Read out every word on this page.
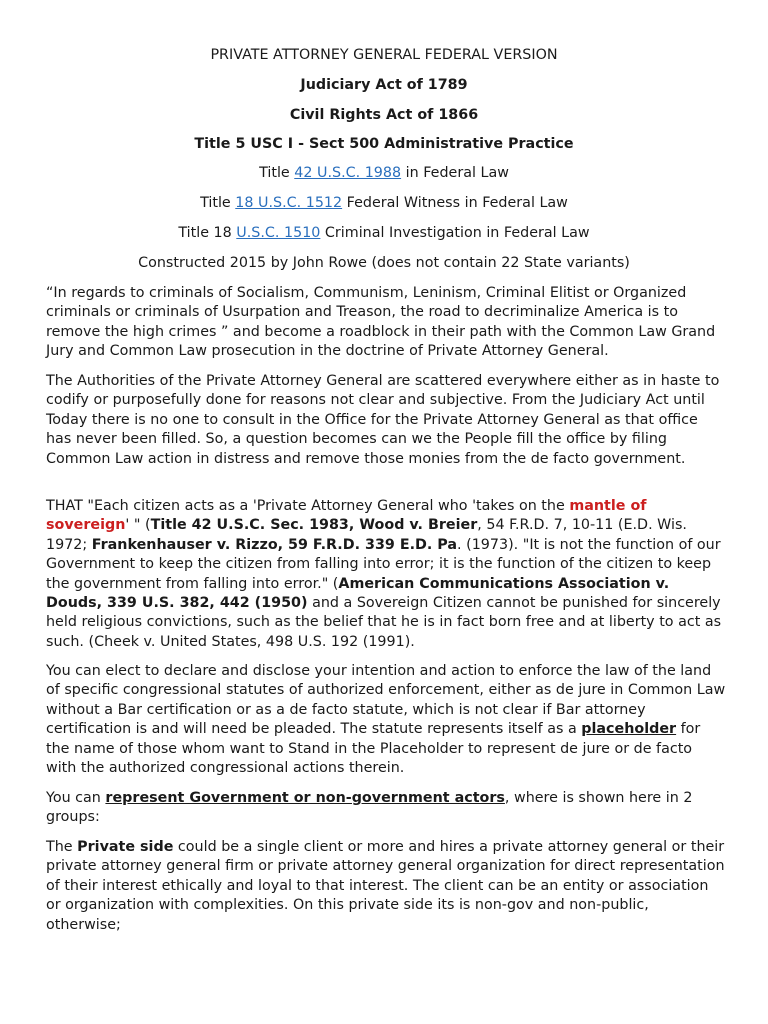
PRIVATE ATTORNEY GENERAL FEDERAL VERSION
Judiciary Act of 1789
Civil Rights Act of 1866
Title 5 USC I - Sect 500 Administrative Practice
Title 42 U.S.C. 1988 in Federal Law
Title 18 U.S.C. 1512 Federal Witness in Federal Law
Title 18 U.S.C. 1510 Criminal Investigation in Federal Law
Constructed 2015 by John Rowe (does not contain 22 State variants)

“In regards to criminals of Socialism, Communism, Leninism, Criminal Elitist or Organized criminals or criminals of Usurpation and Treason, the road to decriminalize America is to remove the high crimes ” and become a roadblock in their path with the Common Law Grand Jury and Common Law prosecution in the doctrine of Private Attorney General.

The Authorities of the Private Attorney General are scattered everywhere either as in haste to codify or purposefully done for reasons not clear and subjective. From the Judiciary Act until Today there is no one to consult in the Office for the Private Attorney General as that office has never been filled. So, a question becomes can we the People fill the office by filing Common Law action in distress and remove those monies from the de facto government.

THAT "Each citizen acts as a 'Private Attorney General who 'takes on the mantle of sovereign' " (Title 42 U.S.C. Sec. 1983, Wood v. Breier, 54 F.R.D. 7, 10-11 (E.D. Wis. 1972; Frankenhauser v. Rizzo, 59 F.R.D. 339 E.D. Pa. (1973). "It is not the function of our Government to keep the citizen from falling into error; it is the function of the citizen to keep the government from falling into error." (American Communications Association v. Douds, 339 U.S. 382, 442 (1950) and a Sovereign Citizen cannot be punished for sincerely held religious convictions, such as the belief that he is in fact born free and at liberty to act as such. (Cheek v. United States, 498 U.S. 192 (1991).

You can elect to declare and disclose your intention and action to enforce the law of the land of specific congressional statutes of authorized enforcement, either as de jure in Common Law without a Bar certification or as a de facto statute, which is not clear if Bar attorney certification is and will need be pleaded. The statute represents itself as a placeholder for the name of those whom want to Stand in the Placeholder to represent de jure or de facto with the authorized congressional actions therein.

You can represent Government or non-government actors, where is shown here in 2 groups:

The Private side could be a single client or more and hires a private attorney general or their private attorney general firm or private attorney general organization for direct representation of their interest ethically and loyal to that interest. The client can be an entity or association or organization with complexities. On this private side its is non-gov and non-public, otherwise;
